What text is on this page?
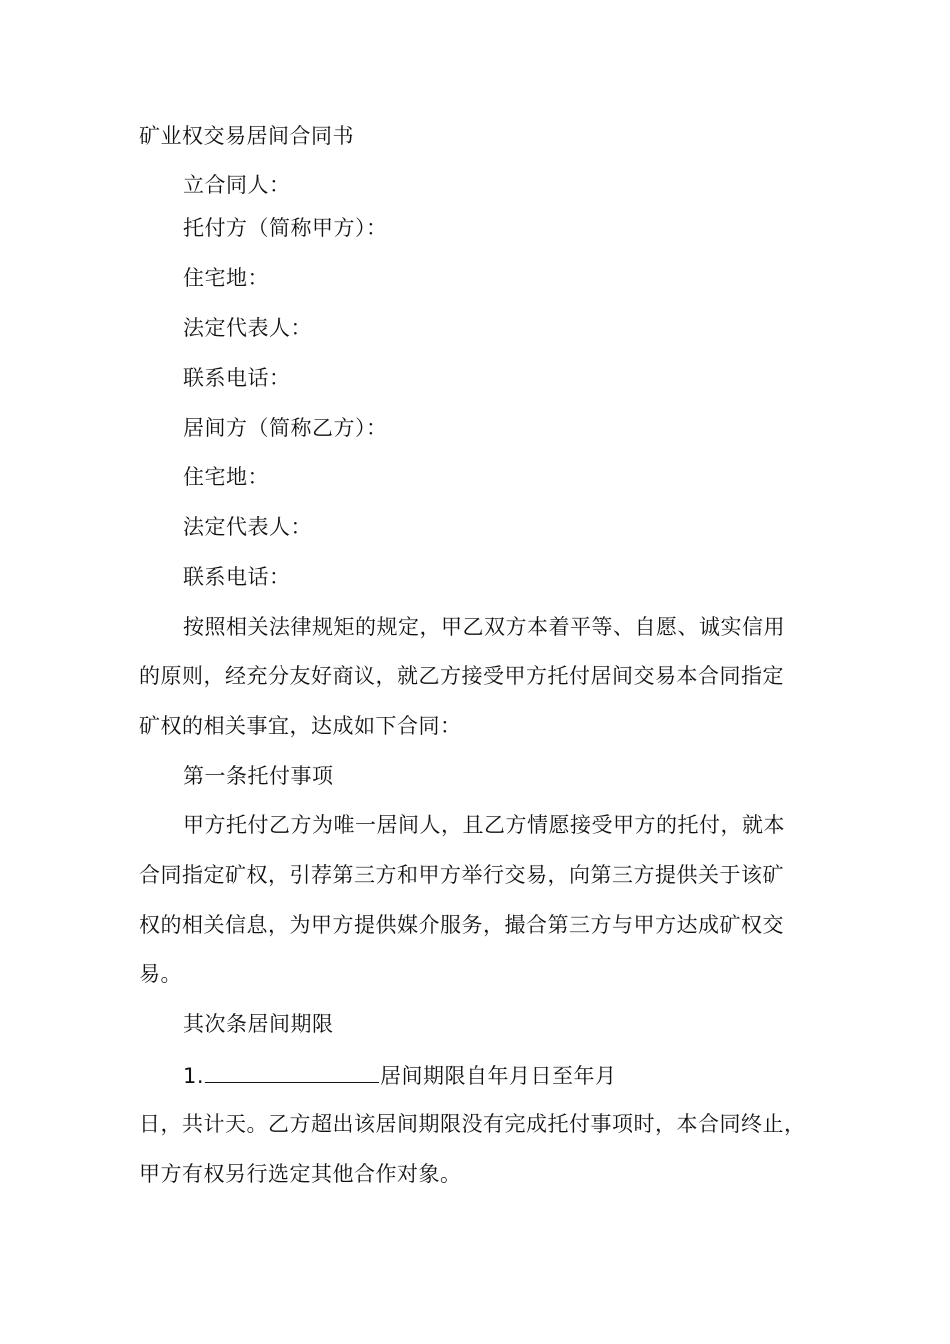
矿业权交易居间合同书
立合同人：
托付方（简称甲方）：
住宅地：
法定代表人：
联系电话：
居间方（简称乙方）：
住宅地：
法定代表人：
联系电话：
按照相关法律规矩的规定，甲乙双方本着平等、自愿、诚实信用
的原则，经充分友好商议，就乙方接受甲方托付居间交易本合同指定
矿权的相关事宜，达成如下合同：
第一条托付事项
甲方托付乙方为唯一居间人，且乙方情愿接受甲方的托付，就本
合同指定矿权，引荐第三方和甲方举行交易，向第三方提供关于该矿
权的相关信息，为甲方提供媒介服务，撮合第三方与甲方达成矿权交
易。
其次条居间期限
1.	居间期限自年月日至年月
日，共计天。乙方超出该居间期限没有完成托付事项时，本合同终止，
甲方有权另行选定其他合作对象。
